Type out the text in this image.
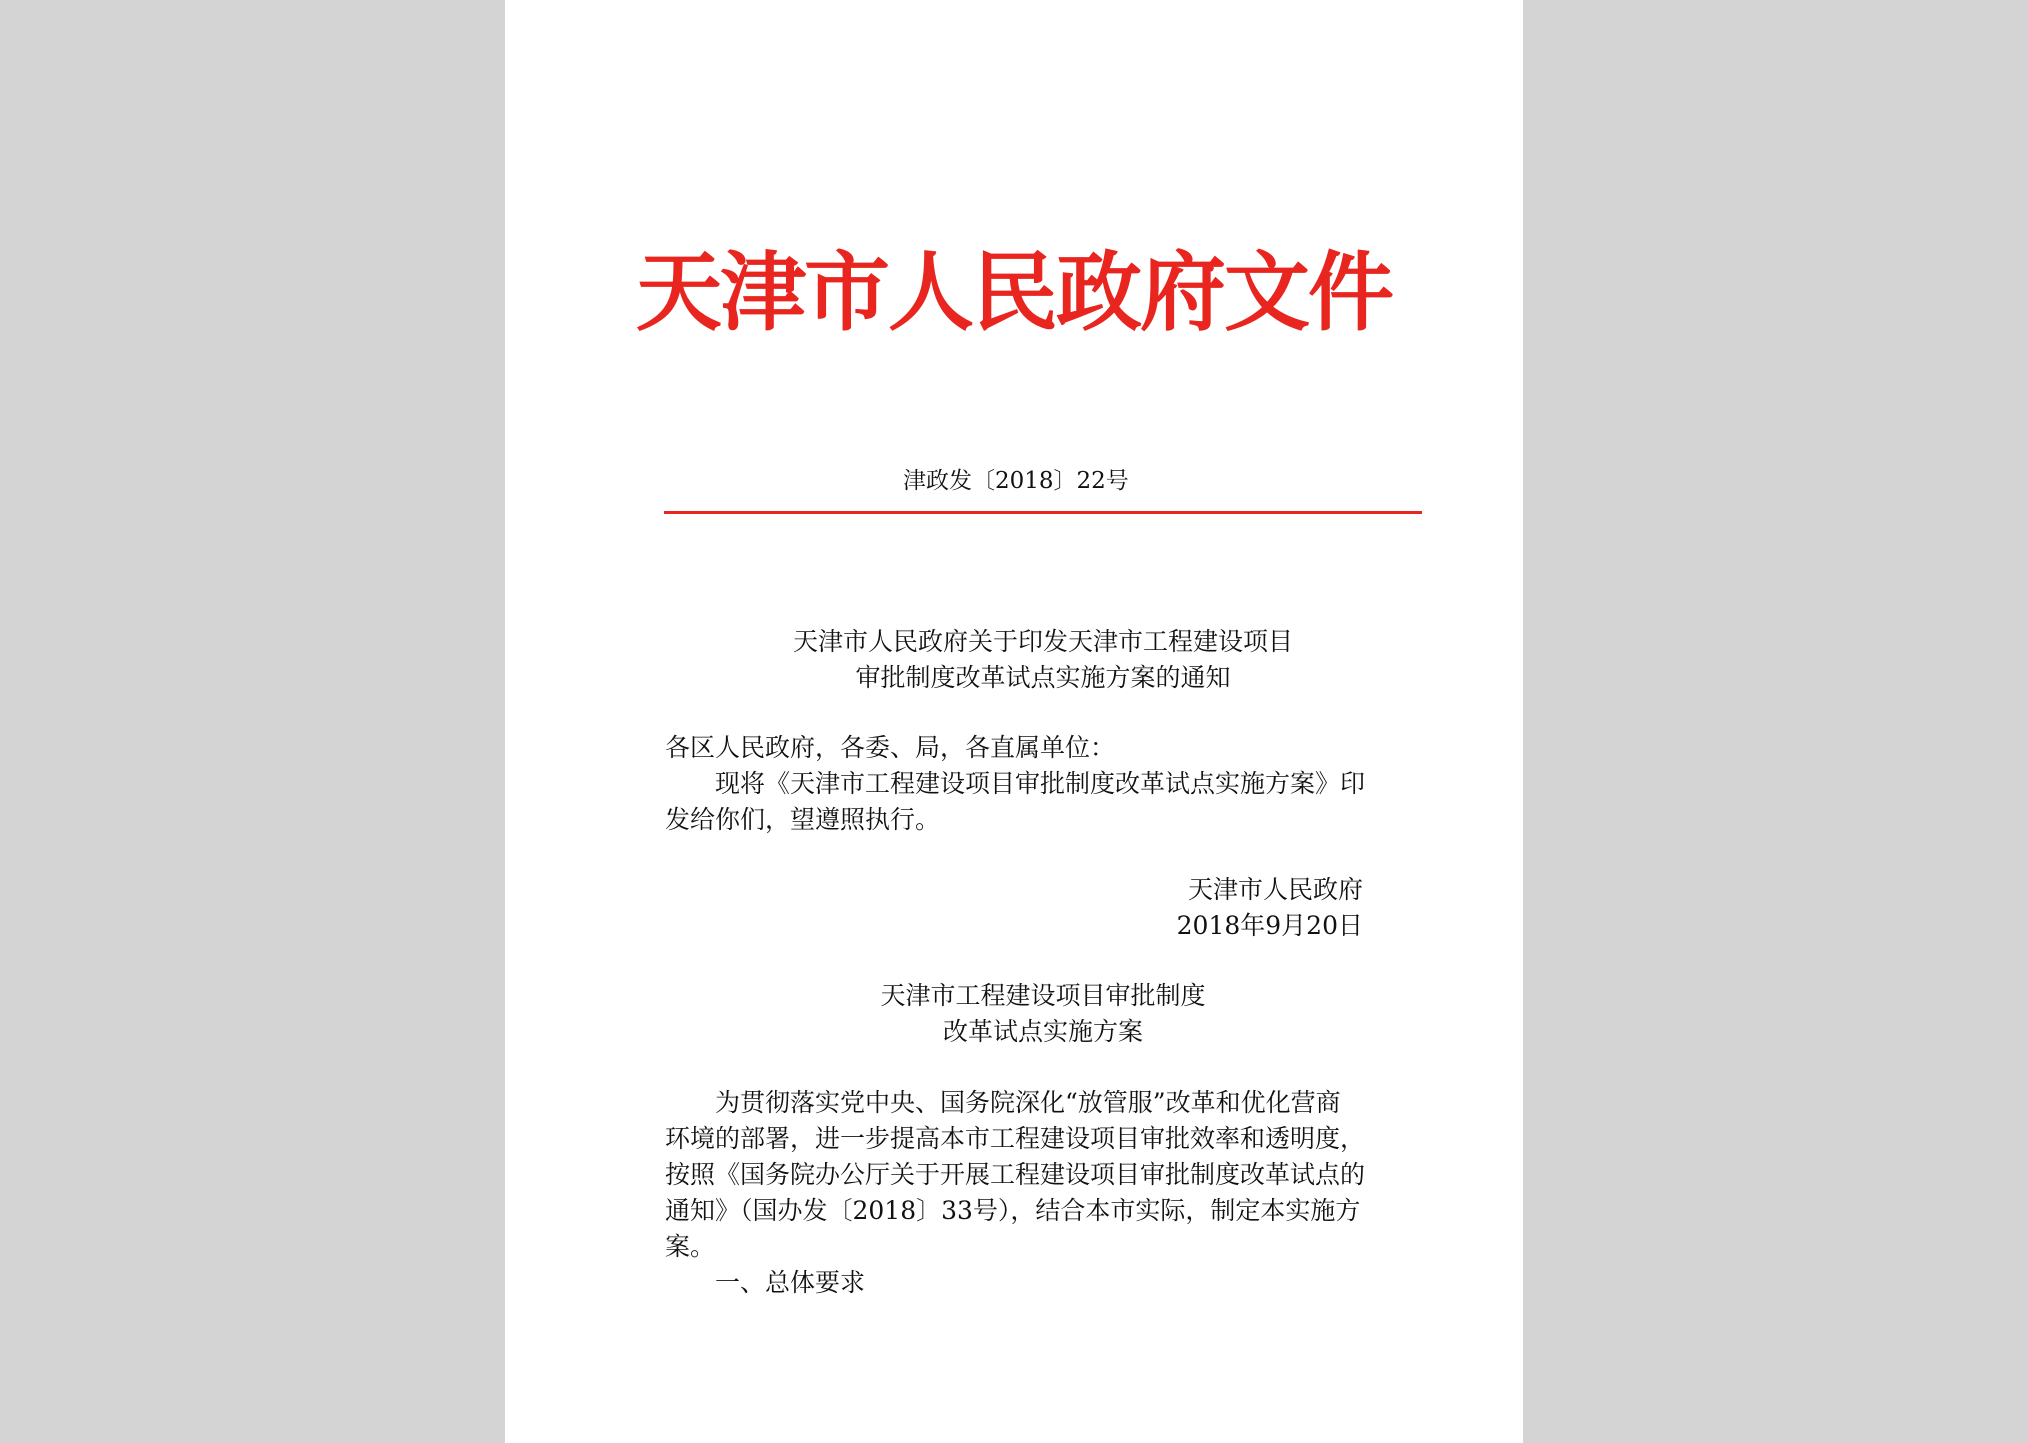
天津市人民政府文件
津政发〔2018〕22号
天津市人民政府关于印发天津市工程建设项目
审批制度改革试点实施方案的通知
各区人民政府，各委、局，各直属单位：
现将《天津市工程建设项目审批制度改革试点实施方案》印发给你们，望遵照执行。
天津市人民政府
2018年9月20日
天津市工程建设项目审批制度
改革试点实施方案
为贯彻落实党中央、国务院深化“放管服”改革和优化营商环境的部署，进一步提高本市工程建设项目审批效率和透明度，按照《国务院办公厅关于开展工程建设项目审批制度改革试点的通知》（国办发〔2018〕33号），结合本市实际，制定本实施方案。
一、总体要求
